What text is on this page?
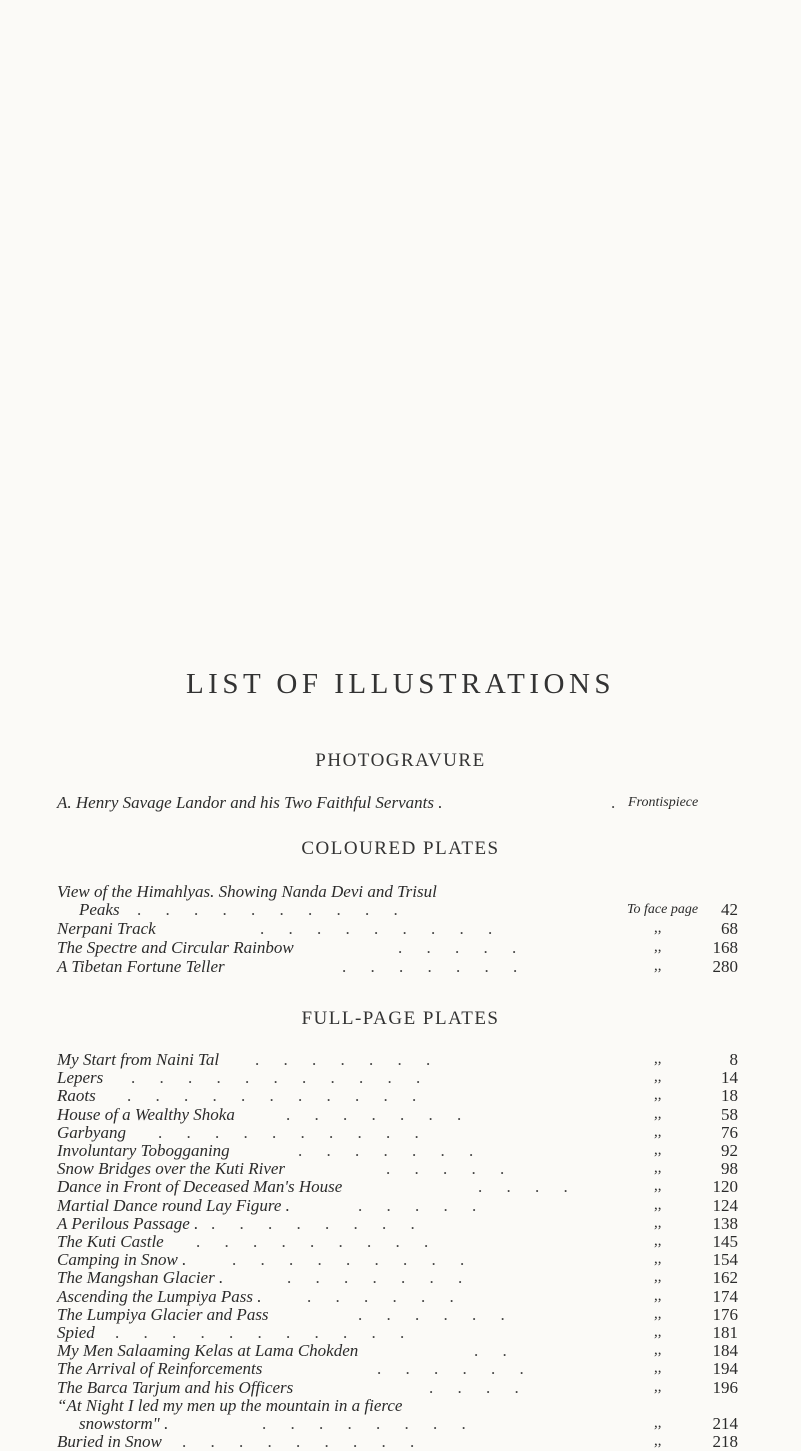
LIST OF ILLUSTRATIONS
PHOTOGRAVURE
A. Henry Savage Landor and his Two Faithful Servants .	. Frontispiece
COLOURED PLATES
View of the Himahlyas. Showing Nanda Devi and Trisul
Peaks . . . . . . . . . .	To face page 42
Nerpani Track	. . . . . . . . .	,,	68
The Spectre and Circular Rainbow	. . . . .	,,	168
A Tibetan Fortune Teller	. . . . . . .	,,	280
FULL-PAGE PLATES
My Start from Naini Tal . . . . . . .	,,	8
Lepers . . . . . . . . . . .	,,	14
Raots . . . . . . . . . . .	,,	18
House of a Wealthy Shoka	. . . . . . .	,,	58
Garbyang . . . . . . . . . .	,,	76
Involuntary Tobogganing	. . . . . . .	,,	92
Snow Bridges over the Kuti River	. . . . .	,,	98
Dance in Front of Deceased Man's House	. . . .	,,	120
Martial Dance round Lay Figure .	. . . . .	,,	124
A Perilous Passage . . . . . . . . .	,,	138
The Kuti Castle . . . . . . . . .	,,	145
Camping in Snow .	. . . . . . . . .	,,	154
The Mangshan Glacier .	. . . . . . .	,,	162
Ascending the Lumpiya Pass .	. . . . . .	,,	174
The Lumpiya Glacier and Pass	. . . . . .	,,	176
Spied . . . . . . . . . . .	,,	181
My Men Salaaming Kelas at Lama Chokden	. .	,,	184
The Arrival of Reinforcements	. . . . . .	,,	194
The Barca Tarjum and his Officers	. . . .	,,	196
“At Night I led my men up the mountain in a fierce
snowstorm" .	. . . . . . . .	,,	214
Buried in Snow . . . . . . . . .	,,	218
